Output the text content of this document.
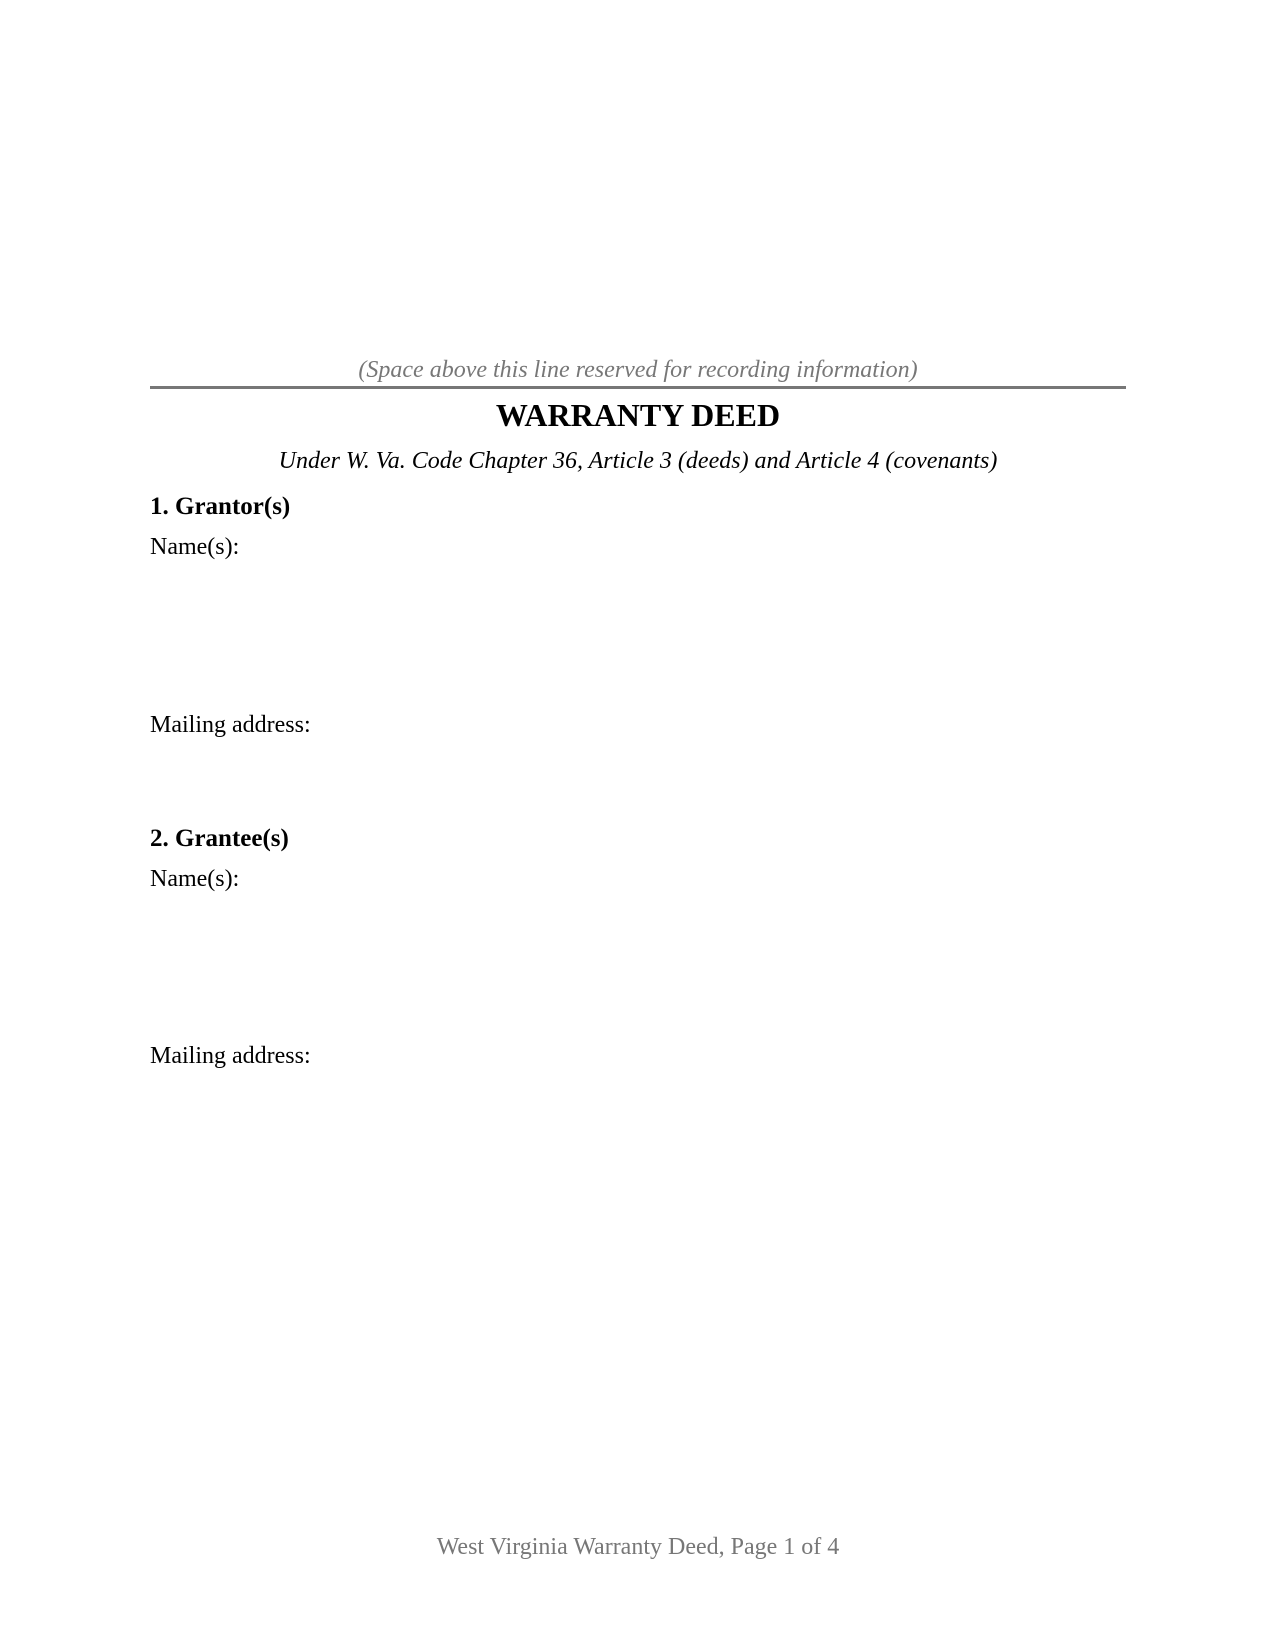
(Space above this line reserved for recording information)
WARRANTY DEED
Under W. Va. Code Chapter 36, Article 3 (deeds) and Article 4 (covenants)
1. Grantor(s)
Name(s):
Mailing address:
2. Grantee(s)
Name(s):
Mailing address:
West Virginia Warranty Deed, Page 1 of 4
